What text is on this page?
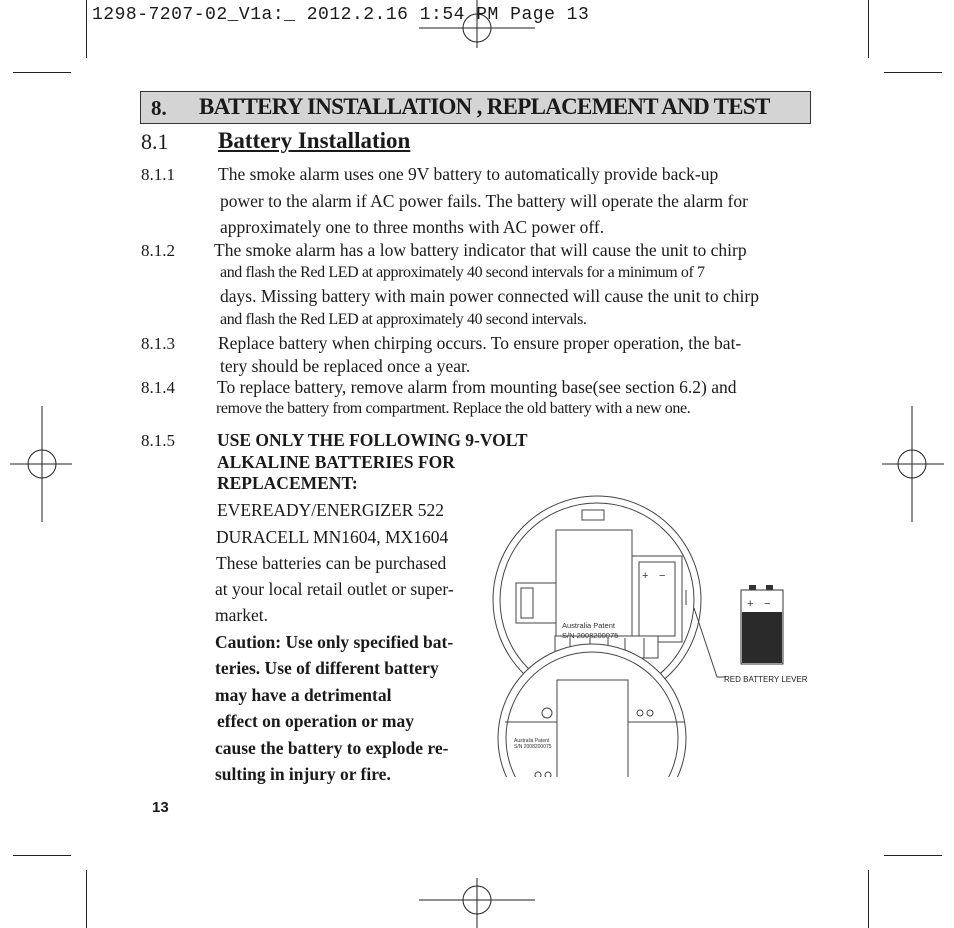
1298-7207-02_V1a:_ 2012.2.16 1:54 PM Page 13
8. BATTERY INSTALLATION , REPLACEMENT AND TEST
8.1 Battery Installation
8.1.1 The smoke alarm uses one 9V battery to automatically provide back-up
power to the alarm if AC power fails. The battery will operate the alarm for
approximately one to three months with AC power off.
8.1.2 The smoke alarm has a low battery indicator that will cause the unit to chirp
and flash the Red LED at approximately 40 second intervals for a minimum of 7
days. Missing battery with main power connected will cause the unit to chirp
and flash the Red LED at approximately 40 second intervals.
8.1.3 Replace battery when chirping occurs. To ensure proper operation, the bat-
tery should be replaced once a year.
8.1.4 To replace battery, remove alarm from mounting base(see section 6.2) and
remove the battery from compartment. Replace the old battery with a new one.
8.1.5 USE ONLY THE FOLLOWING 9-VOLT
ALKALINE BATTERIES FOR
REPLACEMENT:
EVEREADY/ENERGIZER 522
DURACELL MN1604, MX1604
These batteries can be purchased
at your local retail outlet or super-
market.
Caution: Use only specified bat-
teries. Use of different battery
may have a detrimental
effect on operation or may
cause the battery to explode re-
sulting in injury or fire.
+ −
+ −
Australia Patent
S/N 2008200075
Australia Patent
S/N 2008200075
RED BATTERY LEVER
13
